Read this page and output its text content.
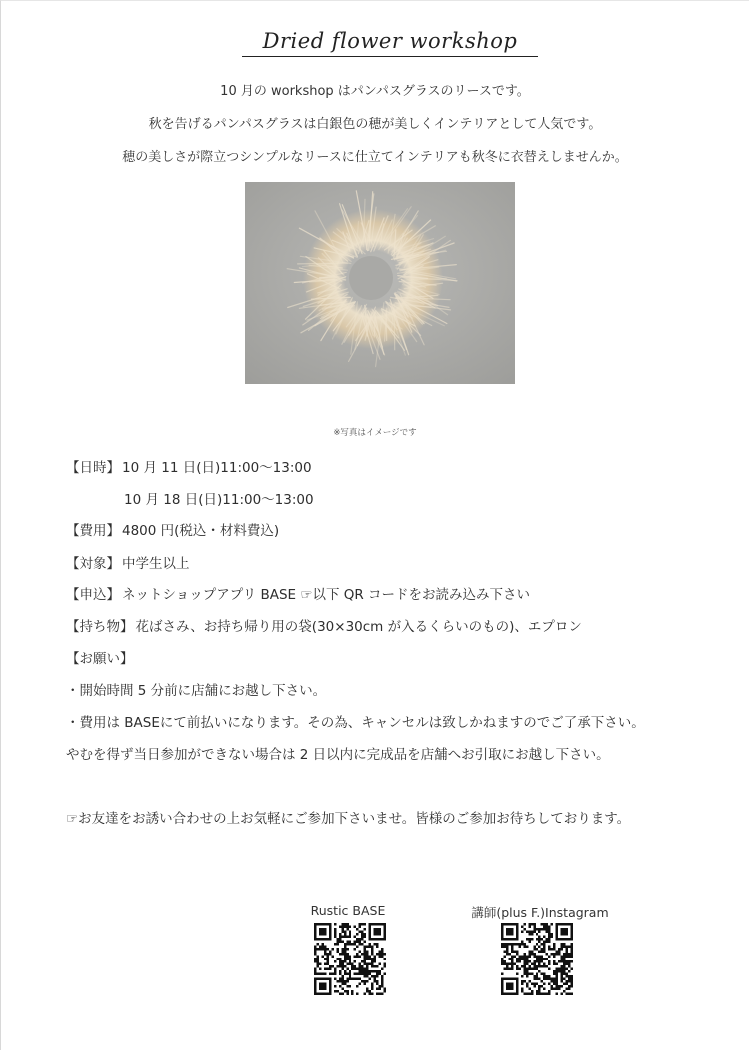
Dried flower workshop
10 月の workshop はパンパスグラスのリースです。
秋を告げるパンパスグラスは白銀色の穂が美しくインテリアとして人気です。
穂の美しさが際立つシンプルなリースに仕立てインテリアも秋冬に衣替えしませんか。
※写真はイメージです
【日時】 10 月 11 日(日)11:00～13:00
10 月 18 日(日)11:00～13:00
【費用】 4800 円(税込・材料費込)
【対象】 中学生以上
【申込】 ネットショップアプリ BASE ☞以下 QR コードをお読み込み下さい
【持ち物】 花ばさみ、お持ち帰り用の袋(30×30cm が入るくらいのもの)、エプロン
【お願い】
・開始時間 5 分前に店舗にお越し下さい。
・費用は BASEにて前払いになります。その為、キャンセルは致しかねますのでご了承下さい。
やむを得ず当日参加ができない場合は 2 日以内に完成品を店舗へお引取にお越し下さい。
☞お友達をお誘い合わせの上お気軽にご参加下さいませ。皆様のご参加お待ちしております。
Rustic BASE	講師(plus F.)Instagram
